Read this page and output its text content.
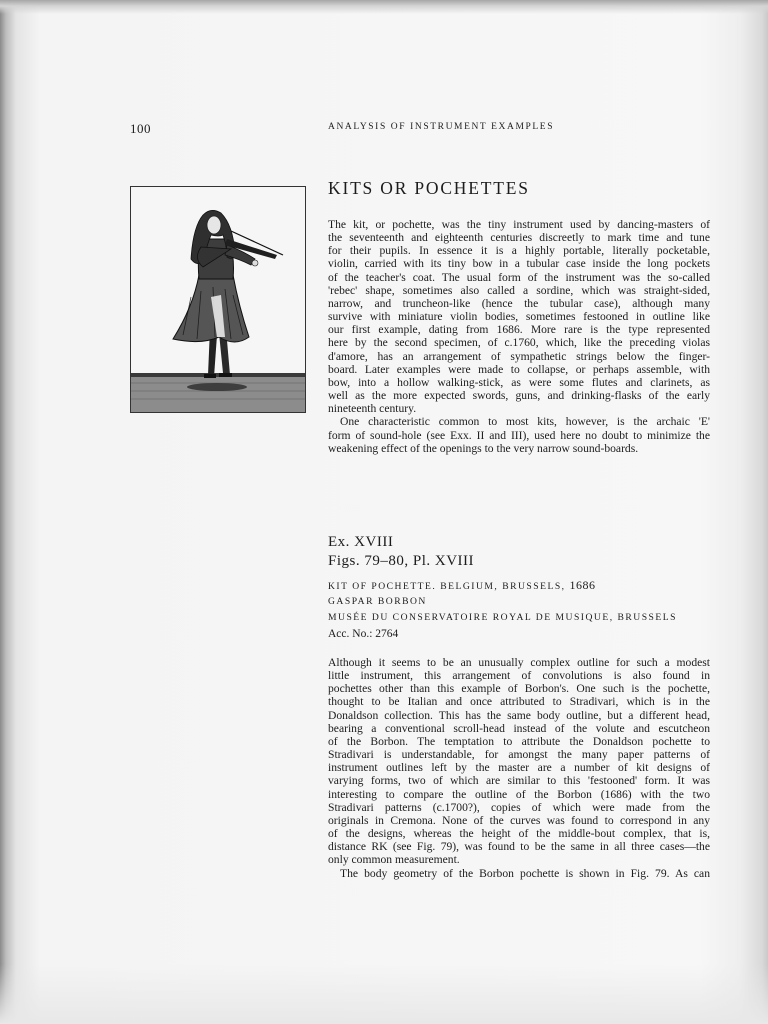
100	ANALYSIS OF INSTRUMENT EXAMPLES
KITS OR POCHETTES
The kit, or pochette, was the tiny instrument used by dancing-masters of
the seventeenth and eighteenth centuries discreetly to mark time and tune
for their pupils. In essence it is a highly portable, literally pocketable,
violin, carried with its tiny bow in a tubular case inside the long pockets
of the teacher's coat. The usual form of the instrument was the so-called
'rebec' shape, sometimes also called a sordine, which was straight-sided,
narrow, and truncheon-like (hence the tubular case), although many
survive with miniature violin bodies, sometimes festooned in outline like
our first example, dating from 1686. More rare is the type represented
here by the second specimen, of c.1760, which, like the preceding violas
d'amore, has an arrangement of sympathetic strings below the finger-
board. Later examples were made to collapse, or perhaps assemble, with
bow, into a hollow walking-stick, as were some flutes and clarinets, as
well as the more expected swords, guns, and drinking-flasks of the early
nineteenth century.
One characteristic common to most kits, however, is the archaic 'E'
form of sound-hole (see Exx. II and III), used here no doubt to minimize the
weakening effect of the openings to the very narrow sound-boards.
Ex. XVIII
Figs. 79–80, Pl. XVIII
KIT OF POCHETTE. BELGIUM, BRUSSELS, 1686
GASPAR BORBON
MUSÉE DU CONSERVATOIRE ROYAL DE MUSIQUE, BRUSSELS
Acc. No.: 2764
Although it seems to be an unusually complex outline for such a modest
little instrument, this arrangement of convolutions is also found in
pochettes other than this example of Borbon's. One such is the pochette,
thought to be Italian and once attributed to Stradivari, which is in the
Donaldson collection. This has the same body outline, but a different head,
bearing a conventional scroll-head instead of the volute and escutcheon
of the Borbon. The temptation to attribute the Donaldson pochette to
Stradivari is understandable, for amongst the many paper patterns of
instrument outlines left by the master are a number of kit designs of
varying forms, two of which are similar to this 'festooned' form. It was
interesting to compare the outline of the Borbon (1686) with the two
Stradivari patterns (c.1700?), copies of which were made from the
originals in Cremona. None of the curves was found to correspond in any
of the designs, whereas the height of the middle-bout complex, that is,
distance RK (see Fig. 79), was found to be the same in all three cases—the
only common measurement.
The body geometry of the Borbon pochette is shown in Fig. 79. As can
